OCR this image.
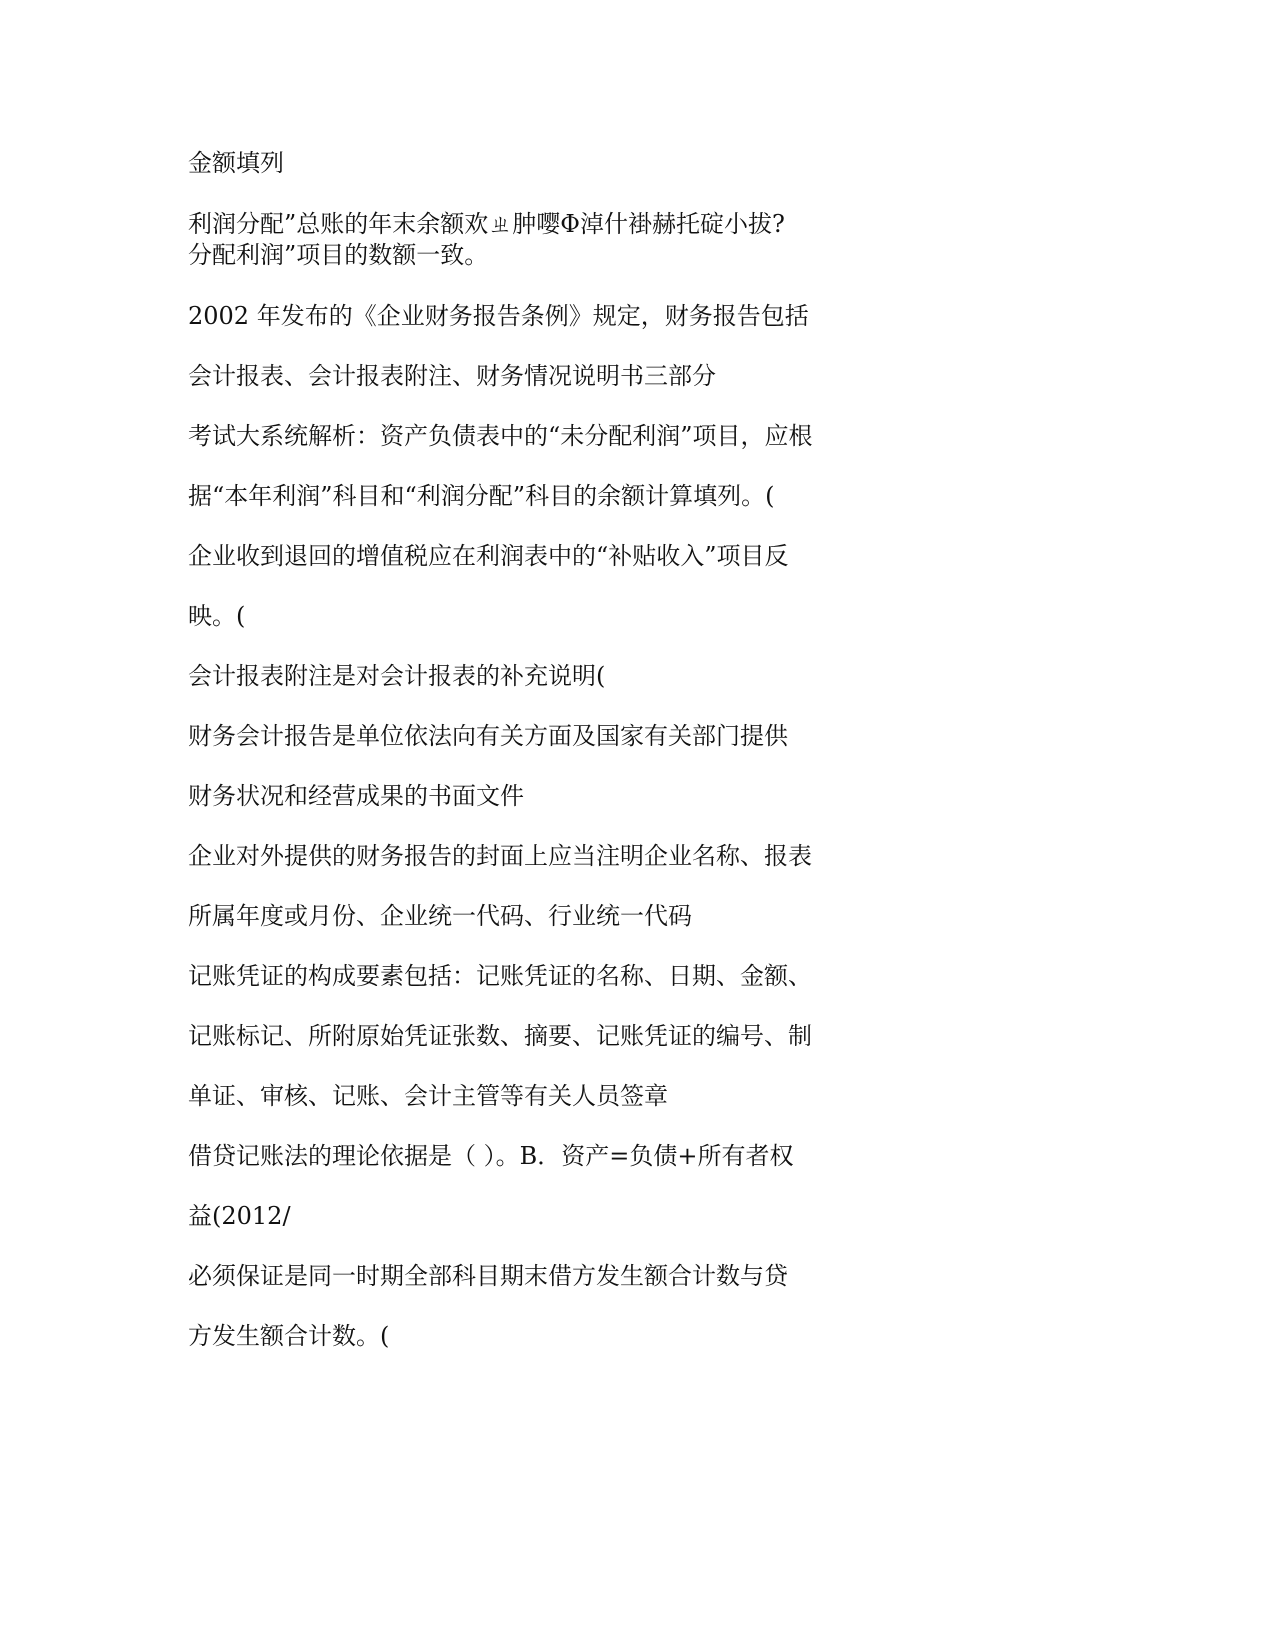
金额填列

利润分配”总账的年末余额欢ㄓ肿嘤Φ淖什褂赫托碇小拔?

分配利润”项目的数额一致。

2002 年发布的《企业财务报告条例》规定，财务报告包括

会计报表、会计报表附注、财务情况说明书三部分

考试大系统解析：资产负债表中的“未分配利润”项目，应根

据“本年利润”科目和“利润分配”科目的余额计算填列。(

企业收到退回的增值税应在利润表中的“补贴收入”项目反

映。(

会计报表附注是对会计报表的补充说明(

财务会计报告是单位依法向有关方面及国家有关部门提供

财务状况和经营成果的书面文件

企业对外提供的财务报告的封面上应当注明企业名称、报表

所属年度或月份、企业统一代码、行业统一代码

记账凭证的构成要素包括：记账凭证的名称、日期、金额、

记账标记、所附原始凭证张数、摘要、记账凭证的编号、制

单证、审核、记账、会计主管等有关人员签章

借贷记账法的理论依据是（ ）。B．资产=负债+所有者权

益(2012/

必须保证是同一时期全部科目期末借方发生额合计数与贷

方发生额合计数。(
